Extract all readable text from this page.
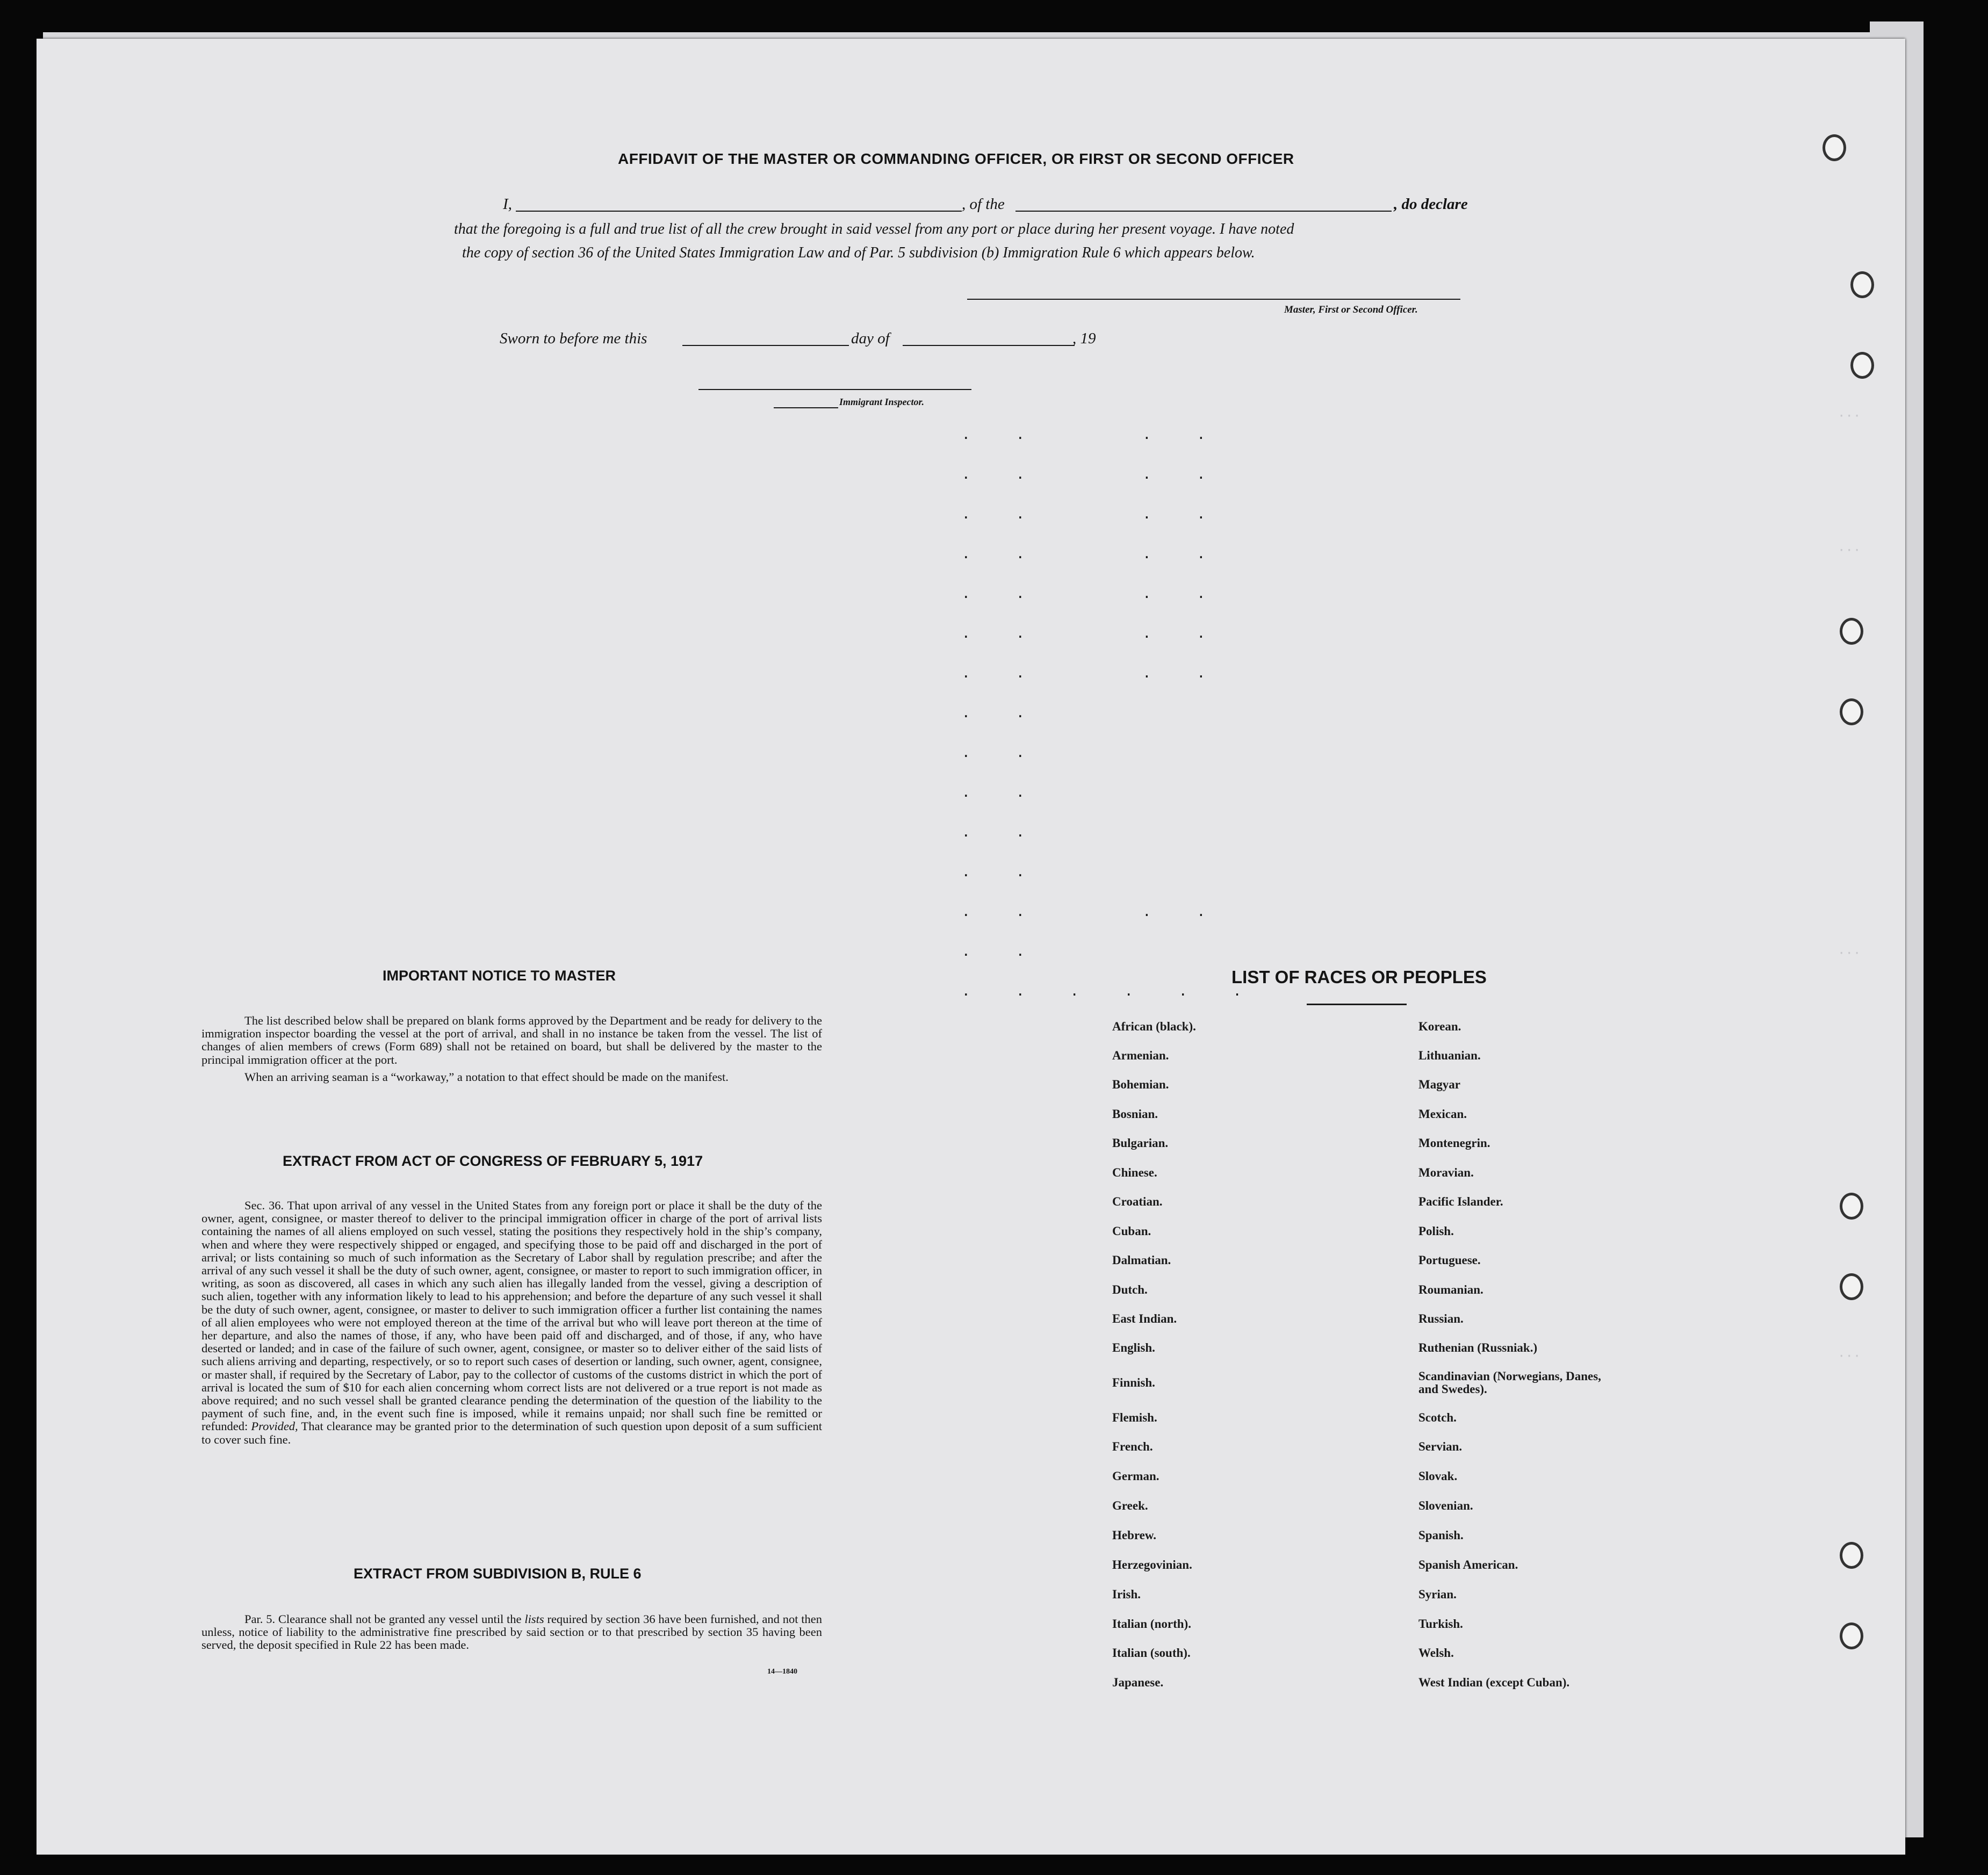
···
···
···
···
AFFIDAVIT OF THE MASTER OR COMMANDING OFFICER, OR FIRST OR SECOND OFFICER
I,	, of the	, do declare
that the foregoing is a full and true list of all the crew brought in said vessel from any port or place during her present voyage. I have noted
the copy of section 36 of the United States Immigration Law and of Par. 5 subdivision (b) Immigration Rule 6 which appears below.
Master, First or Second Officer.
Sworn to before me this	day of	, 19
Immigrant Inspector.
.  .      .  .
.  .      .  .
.  .      .  .
.  .      .  .
.  .      .  .
.  .      .  .
.  .      .  .
.  .
.  .
.  .
.  .
.  .
.  .      .  .
.  .
.  .  .  .  .  .
IMPORTANT NOTICE TO MASTER

The list described below shall be prepared on blank forms approved by the Department and be ready for delivery to the immigration inspector boarding the vessel at the port of arrival, and shall in no instance be taken from the vessel. The list of changes of alien members of crews (Form 689) shall not be retained on board, but shall be delivered by the master to the principal immigration officer at the port.

When an arriving seaman is a “workaway,” a notation to that effect should be made on the manifest.

EXTRACT FROM ACT OF CONGRESS OF FEBRUARY 5, 1917

Sec. 36. That upon arrival of any vessel in the United States from any foreign port or place it shall be the duty of the owner, agent, consignee, or master thereof to deliver to the principal immigration officer in charge of the port of arrival lists containing the names of all aliens employed on such vessel, stating the positions they respectively hold in the ship’s company, when and where they were respectively shipped or engaged, and specifying those to be paid off and discharged in the port of arrival; or lists containing so much of such information as the Secretary of Labor shall by regulation prescribe; and after the arrival of any such vessel it shall be the duty of such owner, agent, consignee, or master to report to such immigration officer, in writing, as soon as discovered, all cases in which any such alien has illegally landed from the vessel, giving a description of such alien, together with any information likely to lead to his apprehension; and before the departure of any such vessel it shall be the duty of such owner, agent, consignee, or master to deliver to such immigration officer a further list containing the names of all alien employees who were not employed thereon at the time of the arrival but who will leave port thereon at the time of her departure, and also the names of those, if any, who have been paid off and discharged, and of those, if any, who have deserted or landed; and in case of the failure of such owner, agent, consignee, or master so to deliver either of the said lists of such aliens arriving and departing, respectively, or so to report such cases of desertion or landing, such owner, agent, consignee, or master shall, if required by the Secretary of Labor, pay to the collector of customs of the customs district in which the port of arrival is located the sum of $10 for each alien concerning whom correct lists are not delivered or a true report is not made as above required; and no such vessel shall be granted clearance pending the determination of the question of the liability to the payment of such fine, and, in the event such fine is imposed, while it remains unpaid; nor shall such fine be remitted or refunded: Provided, That clearance may be granted prior to the determination of such question upon deposit of a sum sufficient to cover such fine.

EXTRACT FROM SUBDIVISION B, RULE 6

Par. 5. Clearance shall not be granted any vessel until the lists required by section 36 have been furnished, and not then unless, notice of liability to the administrative fine prescribed by said section or to that prescribed by section 35 having been served, the deposit specified in Rule 22 has been made.

14—1840
LIST OF RACES OR PEOPLES
African (black).
Armenian.
Bohemian.
Bosnian.
Bulgarian.
Chinese.
Croatian.
Cuban.
Dalmatian.
Dutch.
East Indian.
English.
Finnish.
Flemish.
French.
German.
Greek.
Hebrew.
Herzegovinian.
Irish.
Italian (north).
Italian (south).
Japanese.
Korean.
Lithuanian.
Magyar
Mexican.
Montenegrin.
Moravian.
Pacific Islander.
Polish.
Portuguese.
Roumanian.
Russian.
Ruthenian (Russniak.)
Scandinavian (Norwegians, Danes, and Swedes).
Scotch.
Servian.
Slovak.
Slovenian.
Spanish.
Spanish American.
Syrian.
Turkish.
Welsh.
West Indian (except Cuban).
